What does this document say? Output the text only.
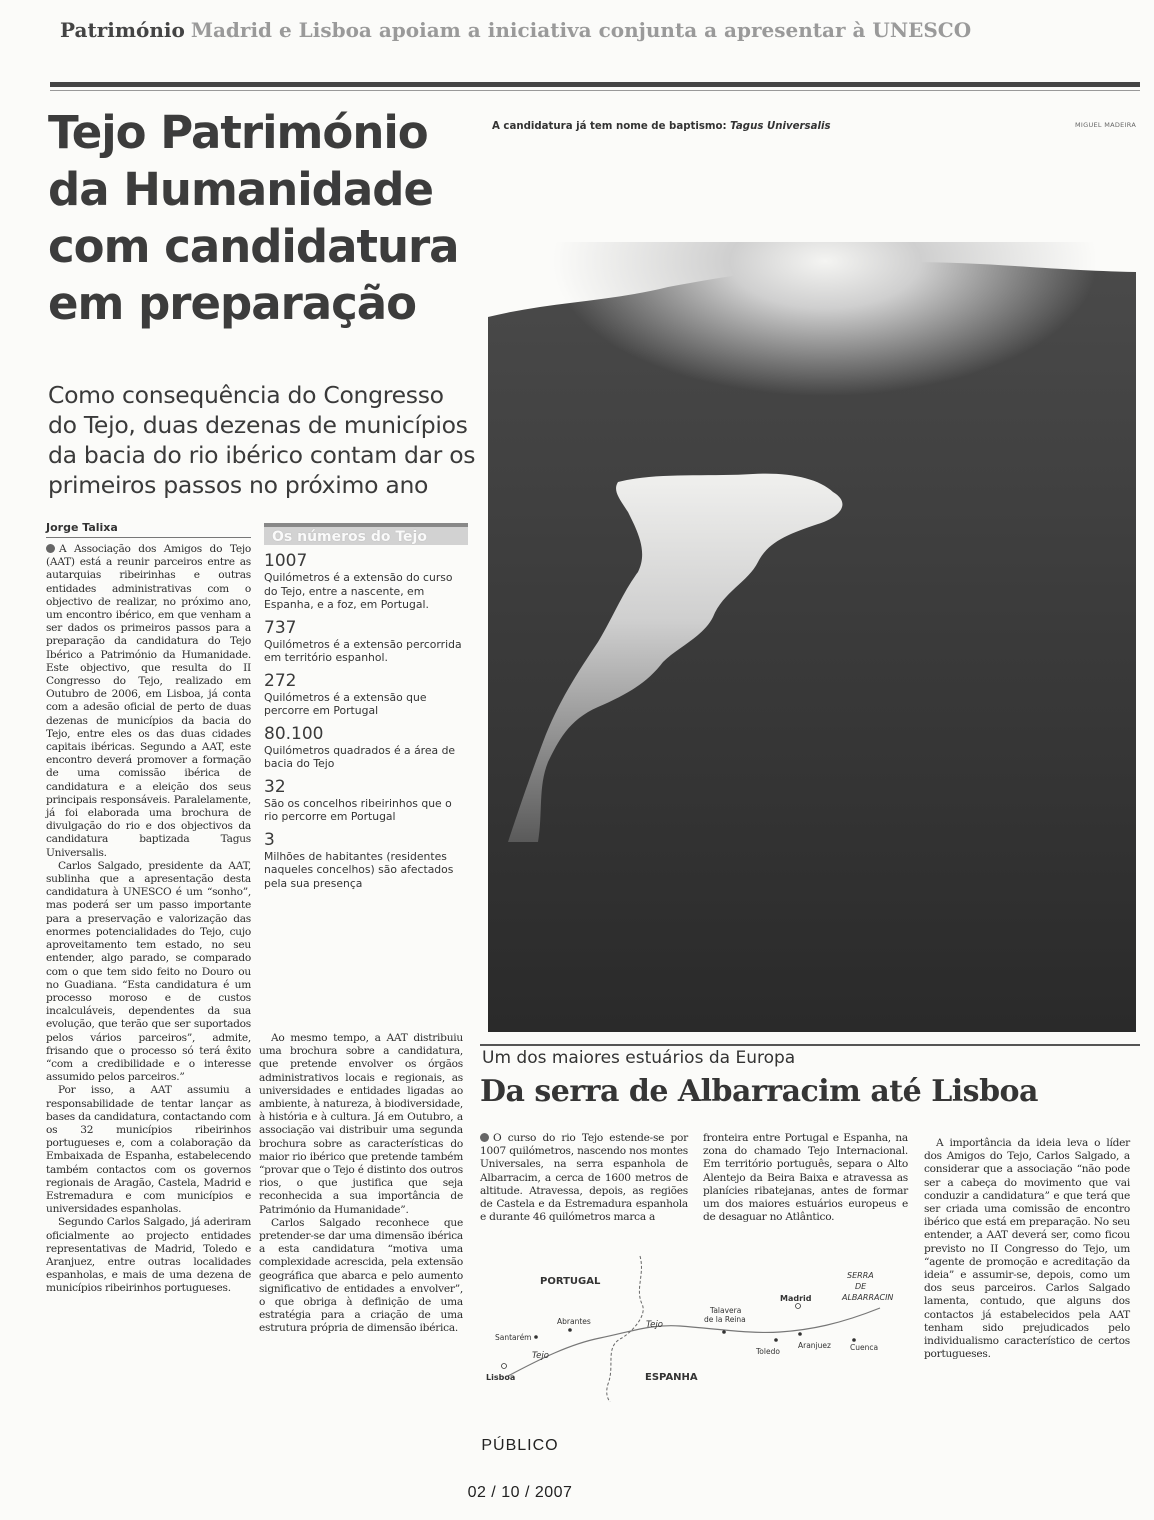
Património Madrid e Lisboa apoiam a iniciativa conjunta a apresentar à UNESCO
Tejo Património da Humanidade com candidatura em preparação
Como consequência do Congresso do Tejo, duas dezenas de municípios da bacia do rio ibérico contam dar os primeiros passos no próximo ano
Jorge Talixa

A Associação dos Amigos do Tejo (AAT) está a reunir parceiros entre as autarquias ribeirinhas e outras entidades administrativas com o objectivo de realizar, no próximo ano, um encontro ibérico, em que venham a ser dados os primeiros passos para a preparação da candidatura do Tejo Ibérico a Património da Humanidade. Este objectivo, que resulta do II Congresso do Tejo, realizado em Outubro de 2006, em Lisboa, já conta com a adesão oficial de perto de duas dezenas de municípios da bacia do Tejo, entre eles os das duas cidades capitais ibéricas. Segundo a AAT, este encontro deverá promover a formação de uma comissão ibérica de candidatura e a eleição dos seus principais responsáveis. Paralelamente, já foi elaborada uma brochura de divulgação do rio e dos objectivos da candidatura baptizada Tagus Universalis.

Carlos Salgado, presidente da AAT, sublinha que a apresentação desta candidatura à UNESCO é um “sonho”, mas poderá ser um passo importante para a preservação e valorização das enormes potencialidades do Tejo, cujo aproveitamento tem estado, no seu entender, algo parado, se comparado com o que tem sido feito no Douro ou no Guadiana. “Esta candidatura é um processo moroso e de custos incalculáveis, dependentes da sua evolução, que terão que ser suportados pelos vários parceiros”, admite, frisando que o processo só terá êxito “com a credibilidade e o interesse assumido pelos parceiros.”

Por isso, a AAT assumiu a responsabilidade de tentar lançar as bases da candidatura, contactando com os 32 municípios ribeirinhos portugueses e, com a colaboração da Embaixada de Espanha, estabelecendo também contactos com os governos regionais de Aragão, Castela, Madrid e Estremadura e com municípios e universidades espanholas.

Segundo Carlos Salgado, já aderiram oficialmente ao projecto entidades representativas de Madrid, Toledo e Aranjuez, entre outras localidades espanholas, e mais de uma dezena de municípios ribeirinhos portugueses.

Os números do Tejo
1007
Quilómetros é a extensão do curso do Tejo, entre a nascente, em Espanha, e a foz, em Portugal.
737
Quilómetros é a extensão percorrida em território espanhol.
272
Quilómetros é a extensão que percorre em Portugal
80.100
Quilómetros quadrados é a área de bacia do Tejo
32
São os concelhos ribeirinhos que o rio percorre em Portugal
3
Milhões de habitantes (residentes naqueles concelhos) são afectados pela sua presença

Ao mesmo tempo, a AAT distribuiu uma brochura sobre a candidatura, que pretende envolver os órgãos administrativos locais e regionais, as universidades e entidades ligadas ao ambiente, à natureza, à biodiversidade, à história e à cultura. Já em Outubro, a associação vai distribuir uma segunda brochura sobre as características do maior rio ibérico que pretende também “provar que o Tejo é distinto dos outros rios, o que justifica que seja reconhecida a sua importância de Património da Humanidade”.

Carlos Salgado reconhece que pretender-se dar uma dimensão ibérica a esta candidatura “motiva uma complexidade acrescida, pela extensão geográfica que abarca e pelo aumento significativo de entidades a envolver”, o que obriga à definição de uma estratégia para a criação de uma estrutura própria de dimensão ibérica.

A candidatura já tem nome de baptismo: Tagus Universalis	MIGUEL MADEIRA
Um dos maiores estuários da Europa
Da serra de Albarracim até Lisboa

O curso do rio Tejo estende-se por 1007 quilómetros, nascendo nos montes Universales, na serra espanhola de Albarracim, a cerca de 1600 metros de altitude. Atravessa, depois, as regiões de Castela e da Estremadura espanhola e durante 46 quilómetros marca a

fronteira entre Portugal e Espanha, na zona do chamado Tejo Internacional. Em território português, separa o Alto Alentejo da Beira Baixa e atravessa as planícies ribatejanas, antes de formar um dos maiores estuários europeus e de desaguar no Atlântico.

A importância da ideia leva o líder dos Amigos do Tejo, Carlos Salgado, a considerar que a associação “não pode ser a cabeça do movimento que vai conduzir a candidatura” e que terá que ser criada uma comissão de encontro ibérico que está em preparação. No seu entender, a AAT deverá ser, como ficou previsto no II Congresso do Tejo, um “agente de promoção e acreditação da ideia” e assumir-se, depois, como um dos seus parceiros. Carlos Salgado lamenta, contudo, que alguns dos contactos já estabelecidos pela AAT tenham sido prejudicados pelo individualismo característico de certos portugueses.

PORTUGAL
ESPANHA
SERRA
DE
ALBARRACIN
Tejo
Tejo
Santarém
Abrantes
Lisboa
Talavera
de la Reina
Madrid
Toledo
Aranjuez	Cuenca
PÚBLICO
02 / 10 / 2007
